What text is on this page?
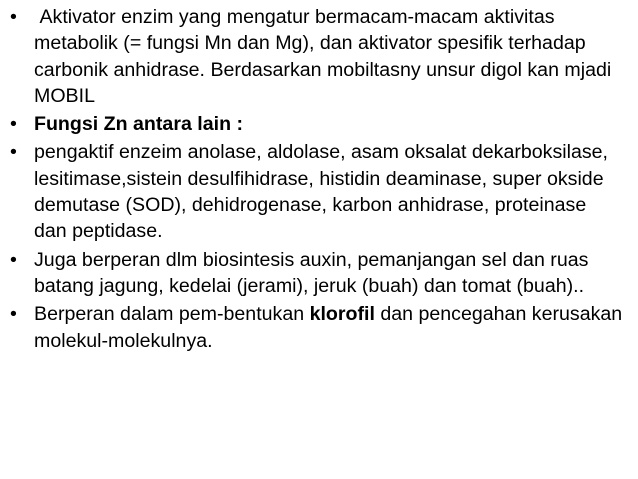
• Aktivator enzim yang mengatur bermacam-macam aktivitas metabolik (= fungsi Mn dan Mg), dan aktivator spesifik terhadap carbonik anhidrase. Berdasarkan mobiltasny unsur digol kan mjadi MOBIL
• Fungsi Zn antara lain :
• pengaktif enzeim anolase, aldolase, asam oksalat dekarboksilase, lesitimase,sistein desulfihidrase, histidin deaminase, super okside demutase (SOD), dehidrogenase, karbon anhidrase, proteinase dan peptidase.
• Juga berperan dlm biosintesis auxin, pemanjangan sel dan ruas batang jagung, kedelai (jerami), jeruk (buah) dan tomat (buah)..
• Berperan dalam pem-bentukan klorofil dan pencegahan kerusakan molekul-molekulnya.
